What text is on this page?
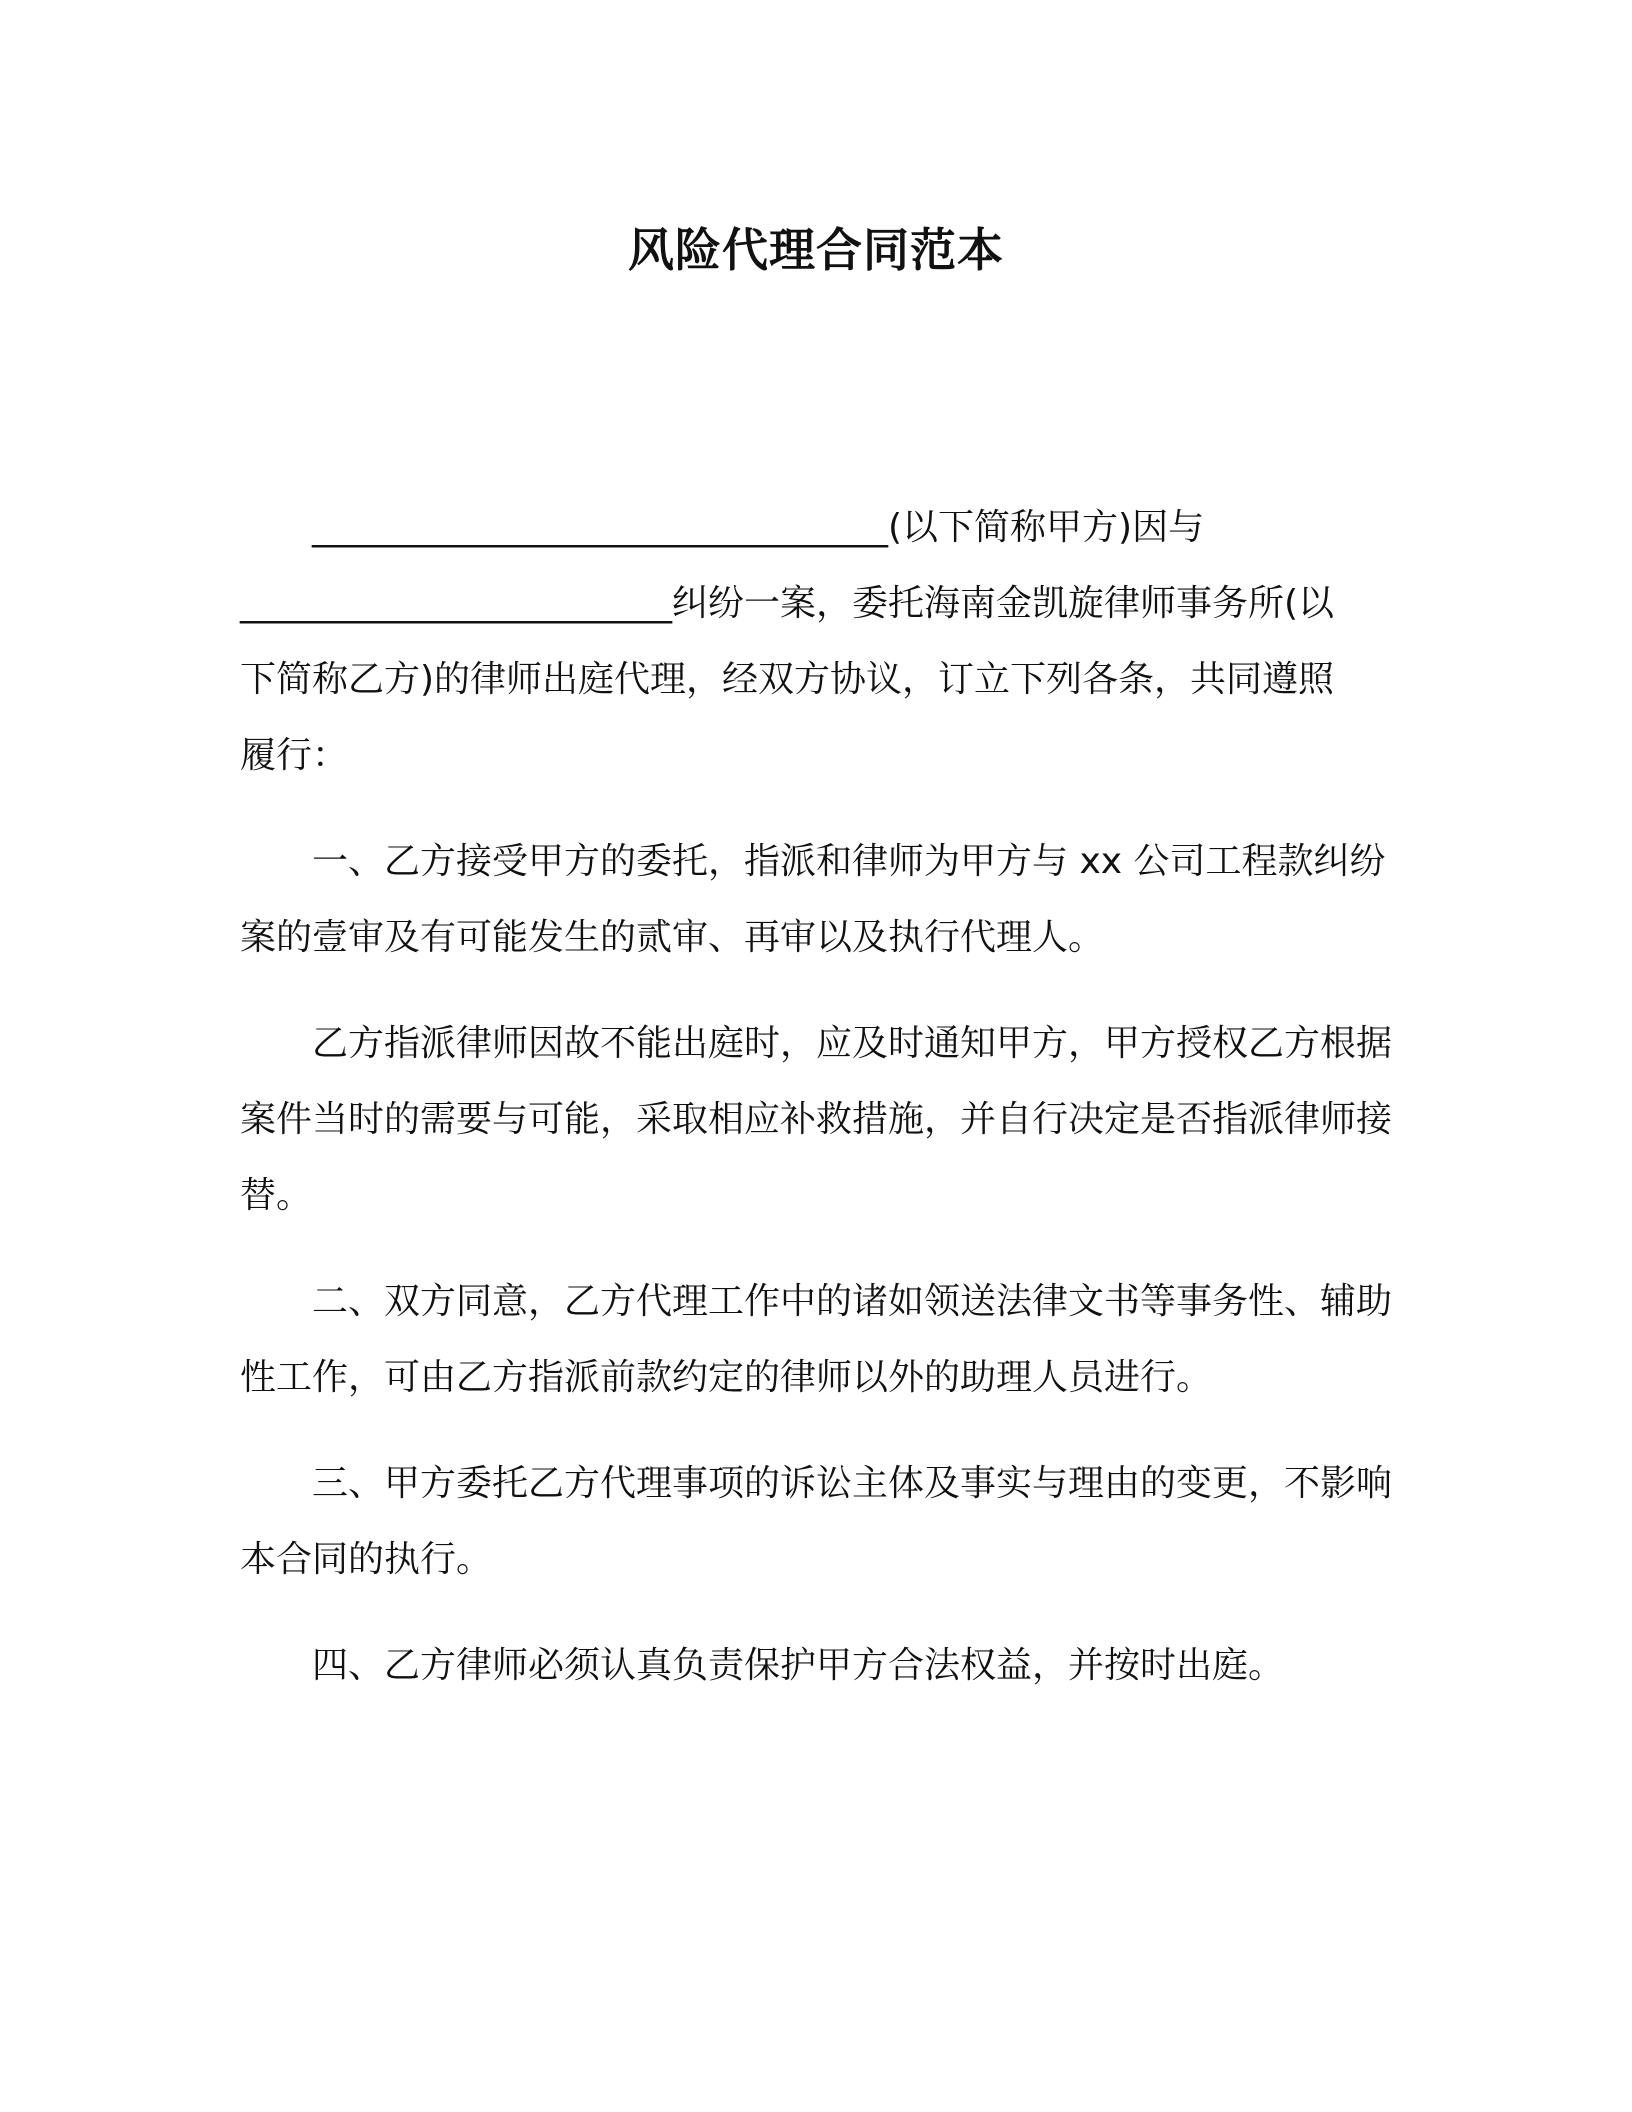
风险代理合同范本
________________________________(以下简称甲方)因与
________________________纠纷一案，委托海南金凯旋律师事务所(以
下简称乙方)的律师出庭代理，经双方协议，订立下列各条，共同遵照
履行：

一、乙方接受甲方的委托，指派和律师为甲方与 xx 公司工程款纠纷案的壹审及有可能发生的贰审、再审以及执行代理人。

乙方指派律师因故不能出庭时，应及时通知甲方，甲方授权乙方根据案件当时的需要与可能，采取相应补救措施，并自行决定是否指派律师接替。

二、双方同意，乙方代理工作中的诸如领送法律文书等事务性、辅助性工作，可由乙方指派前款约定的律师以外的助理人员进行。

三、甲方委托乙方代理事项的诉讼主体及事实与理由的变更，不影响本合同的执行。

四、乙方律师必须认真负责保护甲方合法权益，并按时出庭。
